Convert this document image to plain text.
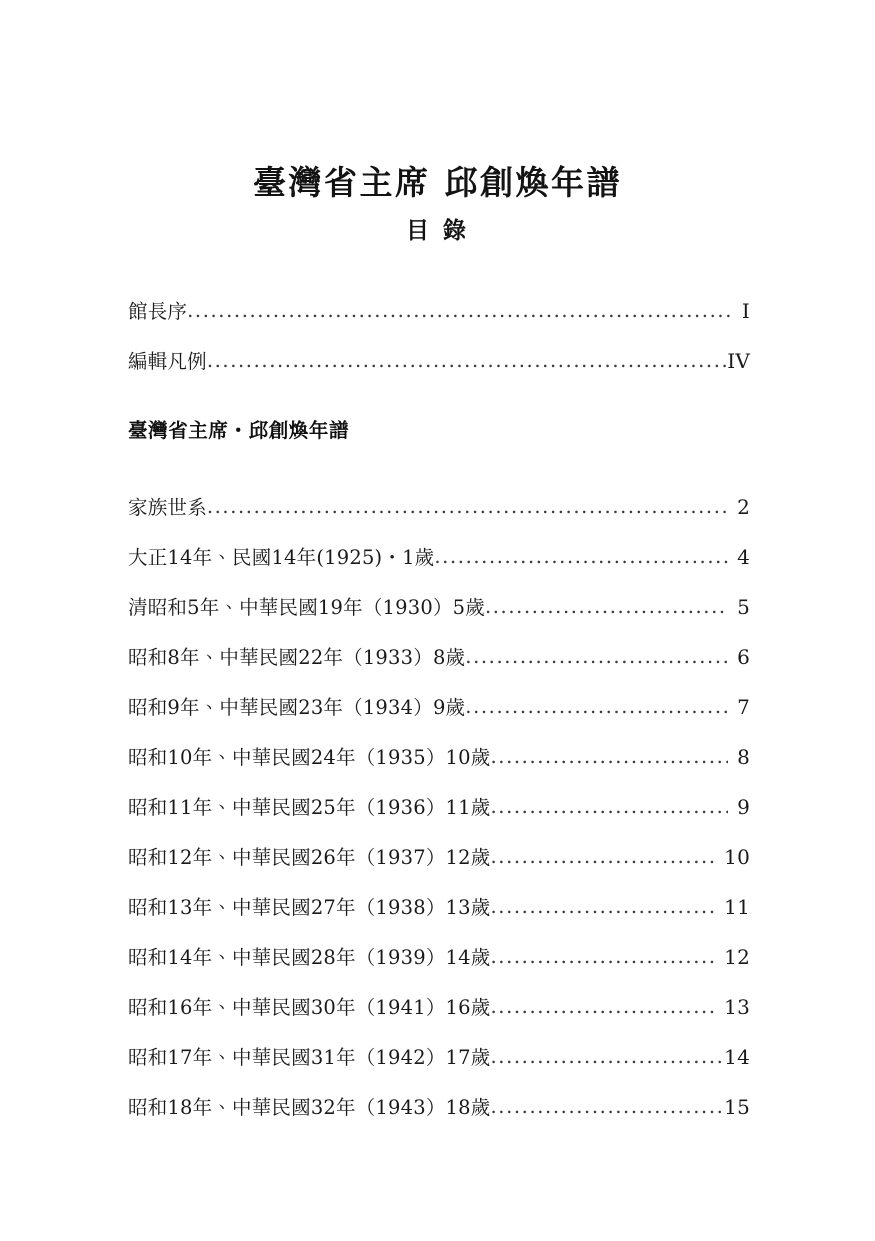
臺灣省主席 邱創煥年譜
目 錄
館長序 .....	I
編輯凡例 .....	IV
臺灣省主席・邱創煥年譜
家族世系 .....	2
大正14年、民國14年(1925)・1歲 .....	4
清昭和5年、中華民國19年（1930）5歲 .....	5
昭和8年、中華民國22年（1933）8歲 .....	6
昭和9年、中華民國23年（1934）9歲 .....	7
昭和10年、中華民國24年（1935）10歲 .....	8
昭和11年、中華民國25年（1936）11歲 .....	9
昭和12年、中華民國26年（1937）12歲 .....	10
昭和13年、中華民國27年（1938）13歲 .....	11
昭和14年、中華民國28年（1939）14歲 .....	12
昭和16年、中華民國30年（1941）16歲 .....	13
昭和17年、中華民國31年（1942）17歲 .....	14
昭和18年、中華民國32年（1943）18歲 .....	15
